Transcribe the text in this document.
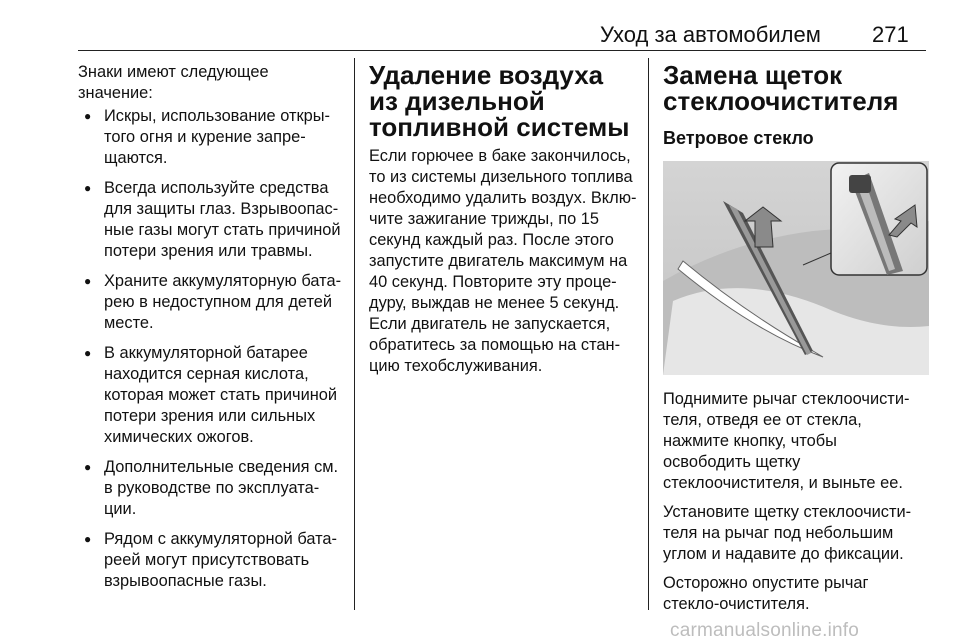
Уход за автомобилем 271
Знаки имеют следующее значение:
● Искры, использование откры-того огня и курение запре-щаются.
● Всегда используйте средства для защиты глаз. Взрывоопас-ные газы могут стать причиной потери зрения или травмы.
● Храните аккумуляторную бата-рею в недоступном для детей месте.
● В аккумуляторной батарее находится серная кислота, которая может стать причиной потери зрения или сильных химических ожогов.
● Дополнительные сведения см. в руководстве по эксплуата-ции.
● Рядом с аккумуляторной бата-реей могут присутствовать взрывоопасные газы.
Удаление воздуха из дизельной топливной системы

Если горючее в баке закончилось, то из системы дизельного топлива необходимо удалить воздух. Вклю-чите зажигание трижды, по 15 секунд каждый раз. После этого запустите двигатель максимум на 40 секунд. Повторите эту проце-дуру, выждав не менее 5 секунд. Если двигатель не запускается, обратитесь за помощью на стан-цию техобслуживания.

Замена щеток стеклоочистителя
Ветровое стекло

Поднимите рычаг стеклоочисти-теля, отведя ее от стекла, нажмите кнопку, чтобы освободить щетку стеклоочистителя, и выньте ее.

Установите щетку стеклоочисти-теля на рычаг под небольшим углом и надавите до фиксации.

Осторожно опустите рычаг стекло-очистителя.

carmanualsonline.info
